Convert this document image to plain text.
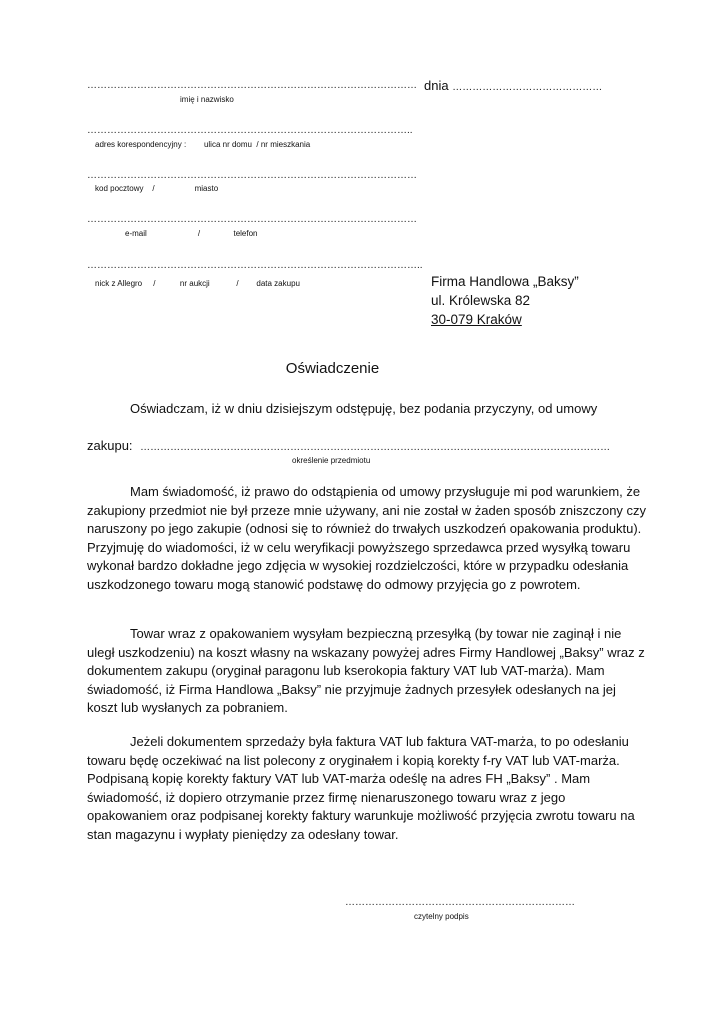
………………………………………………………………………………………
imię i nazwisko
dnia ………………………………………
……………………………………………………………………………………..
adres korespondencyjny :        ulica nr domu  / nr mieszkania
………………………………………………………………………………………
kod pocztowy    /                  miasto
………………………………………………………………………………………
e-mail                       /               telefon
………………………………………………………………………………………..
nick z Allegro     /           nr aukcji            /        data zakupu	Firma Handlowa „Baksy”
ul. Królewska 82
30-079 Kraków
Oświadczenie
Oświadczam, iż w dniu dzisiejszym odstępuję, bez podania przyczyny, od umowy
zakupu: ……………………………………………………………………………………………………………………………
określenie przedmiotu
Mam świadomość, iż prawo do odstąpienia od umowy przysługuje mi pod warunkiem, że zakupiony przedmiot nie był przeze mnie używany, ani nie został w żaden sposób zniszczony czy naruszony po jego zakupie (odnosi się to również do trwałych uszkodzeń opakowania produktu). Przyjmuję do wiadomości, iż w celu weryfikacji powyższego sprzedawca przed wysyłką towaru wykonał bardzo dokładne jego zdjęcia w wysokiej rozdzielczości, które w przypadku odesłania uszkodzonego towaru mogą stanowić podstawę do odmowy przyjęcia go z powrotem.
Towar wraz z opakowaniem wysyłam bezpieczną przesyłką (by towar nie zaginął i nie uległ uszkodzeniu) na koszt własny na wskazany powyżej adres Firmy Handlowej „Baksy” wraz z dokumentem zakupu (oryginał paragonu lub kserokopia faktury VAT lub VAT-marża). Mam świadomość, iż Firma Handlowa „Baksy” nie przyjmuje żadnych przesyłek odesłanych na jej koszt lub wysłanych za pobraniem.
Jeżeli dokumentem sprzedaży była faktura VAT lub faktura VAT-marża, to po odesłaniu towaru będę oczekiwać na list polecony z oryginałem i kopią korekty f-ry VAT lub VAT-marża. Podpisaną kopię korekty faktury VAT lub VAT-marża odeślę na adres FH „Baksy” . Mam świadomość, iż dopiero otrzymanie przez firmę nienaruszonego towaru wraz z jego opakowaniem oraz podpisanej korekty faktury warunkuje możliwość przyjęcia zwrotu towaru na stan magazynu i wypłaty pieniędzy za odesłany towar.
……………………………………………………………
czytelny podpis
